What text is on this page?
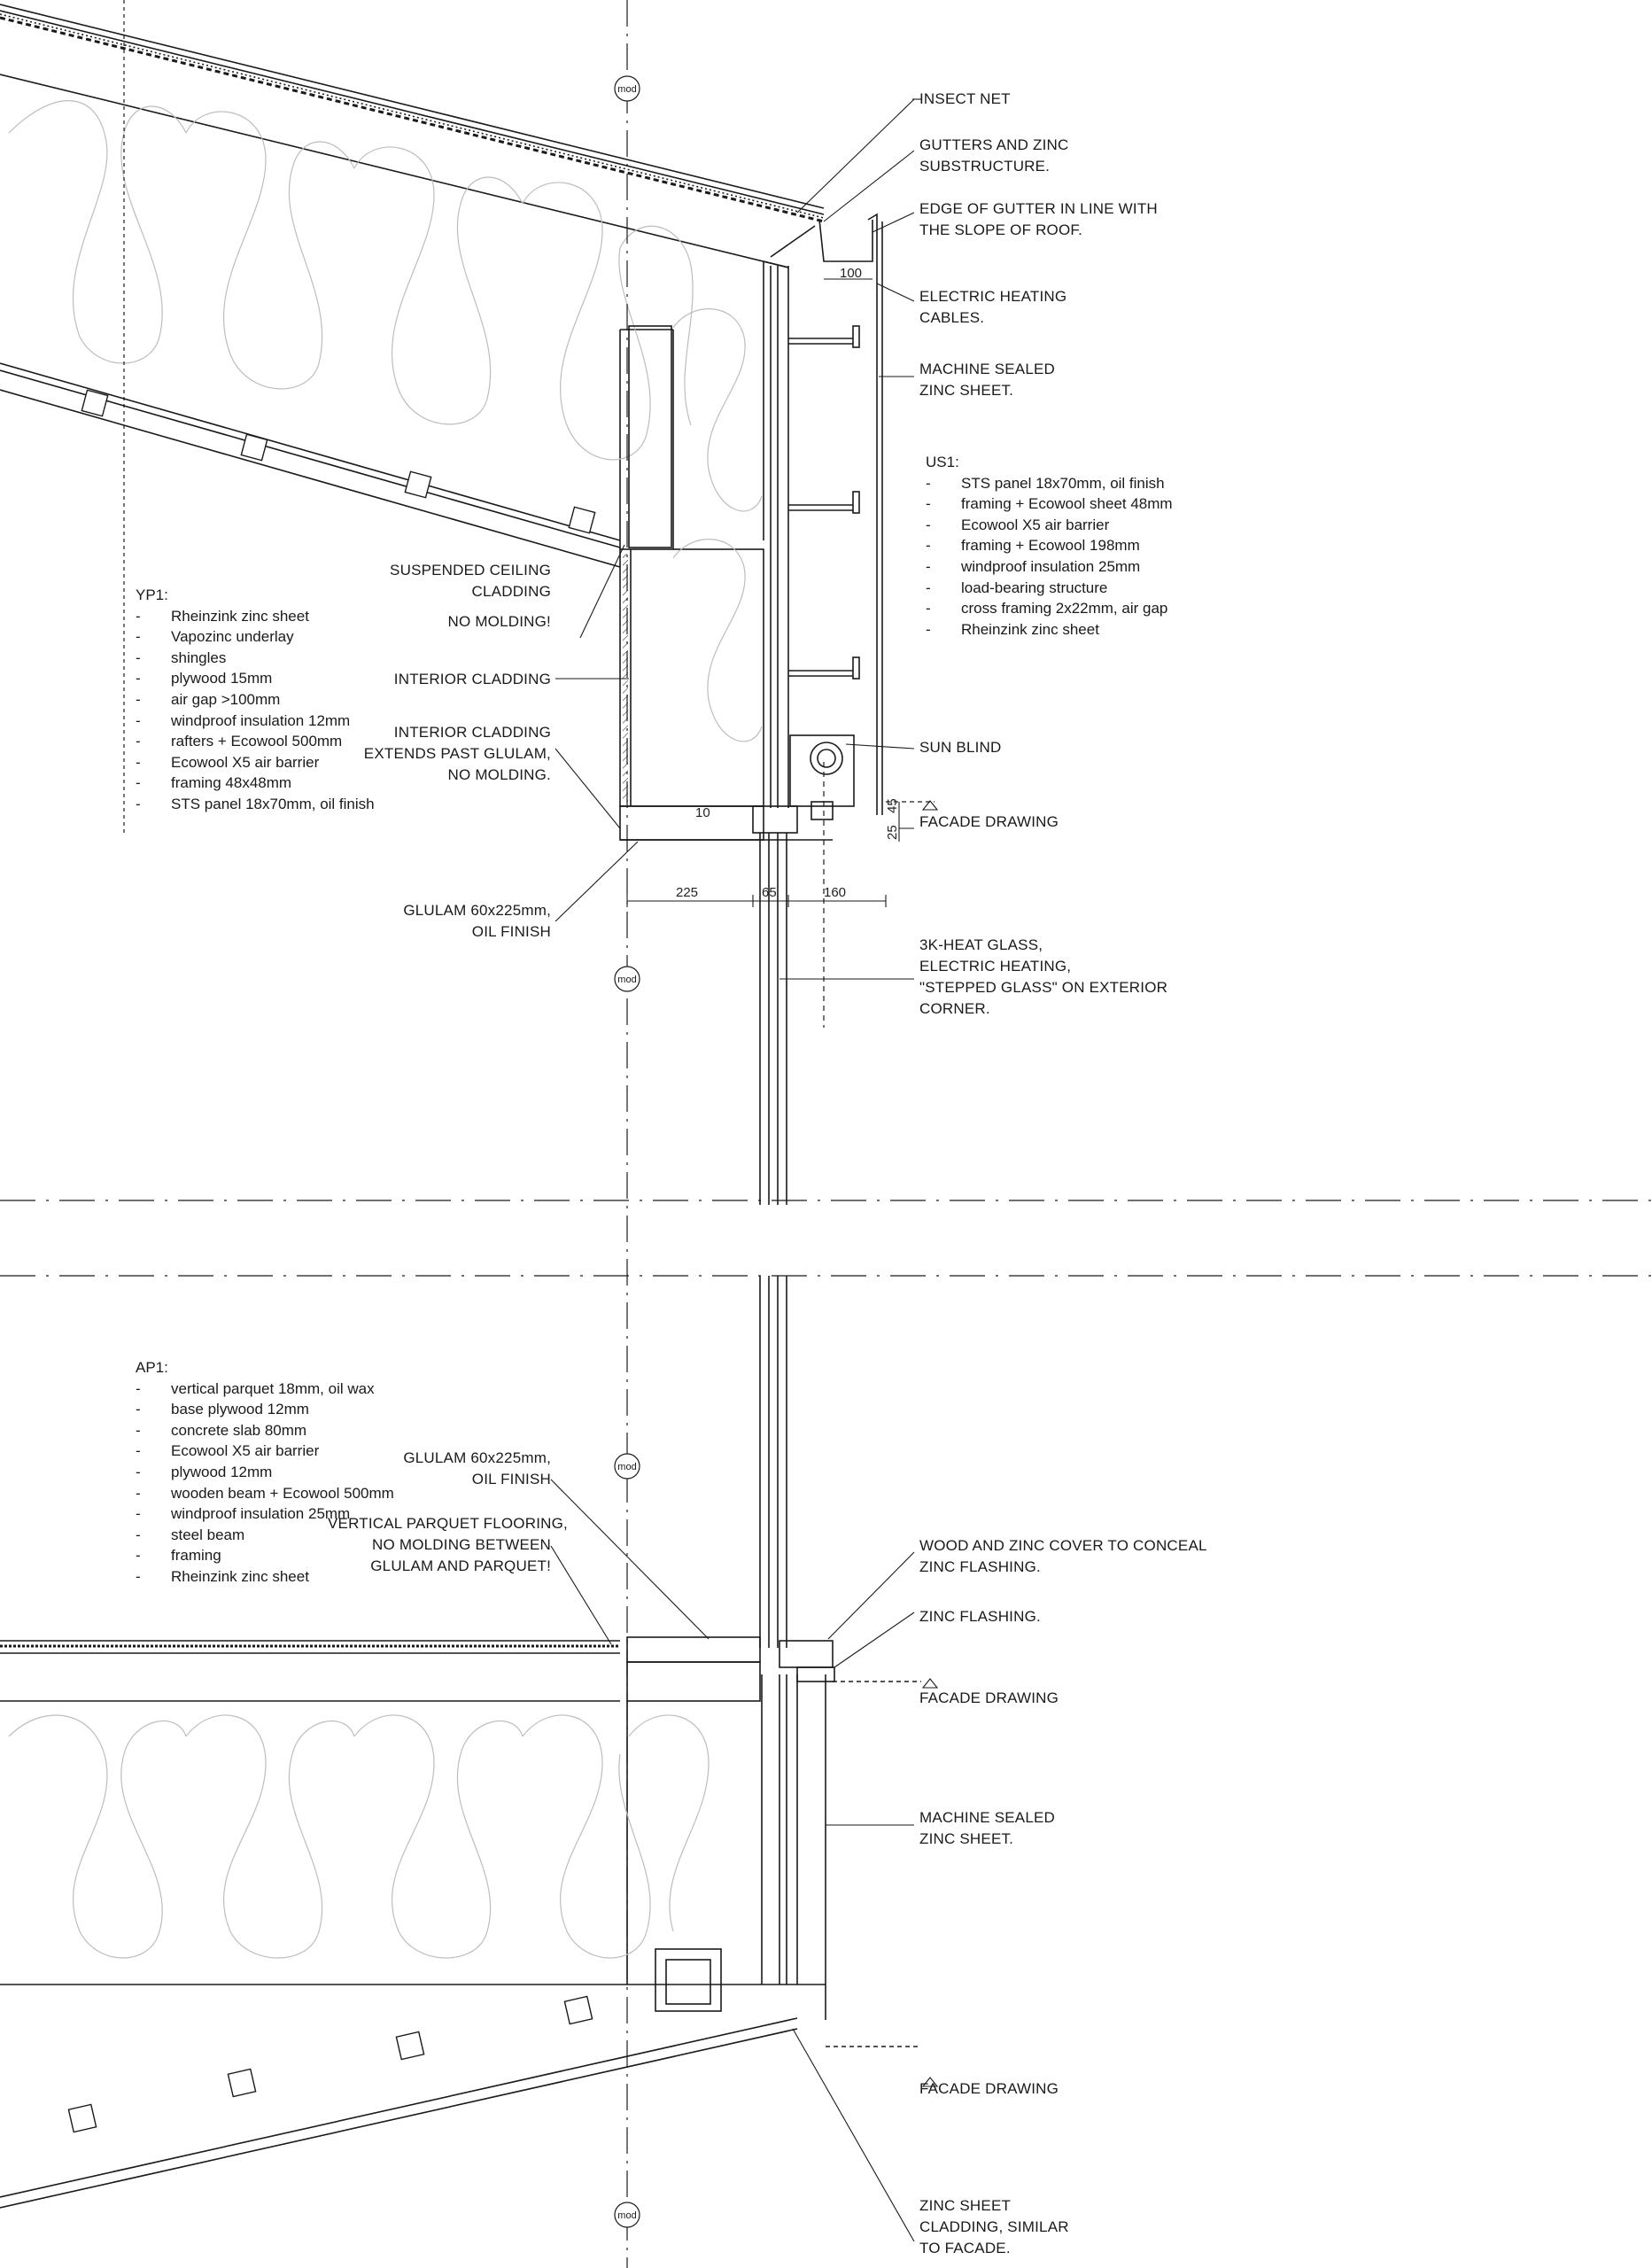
mod
mod
mod
mod
100
10
25
45
225	65	160
INSECT NET
GUTTERS AND ZINC
SUBSTRUCTURE.
EDGE OF GUTTER IN LINE WITH
THE SLOPE OF ROOF.
ELECTRIC HEATING
CABLES.
MACHINE SEALED
ZINC SHEET.
US1:
- STS panel 18x70mm, oil finish
- framing + Ecowool sheet 48mm
- Ecowool X5 air barrier
- framing + Ecowool 198mm
- windproof insulation 25mm
- load-bearing structure
- cross framing 2x22mm, air gap
- Rheinzink zinc sheet
SUN BLIND
FACADE DRAWING
3K-HEAT GLASS,
ELECTRIC HEATING,
"STEPPED GLASS" ON EXTERIOR
CORNER.
SUSPENDED CEILING
CLADDING
NO MOLDING!
INTERIOR CLADDING
INTERIOR CLADDING
EXTENDS PAST GLULAM,
NO MOLDING.
GLULAM 60x225mm,
OIL FINISH
YP1:
- Rheinzink zinc sheet
- Vapozinc underlay
- shingles
- plywood 15mm
- air gap >100mm
- windproof insulation 12mm
- rafters + Ecowool 500mm
- Ecowool X5 air barrier
- framing 48x48mm
- STS panel 18x70mm, oil finish
AP1:
- vertical parquet 18mm, oil wax
- base plywood 12mm
- concrete slab 80mm
- Ecowool X5 air barrier
- plywood 12mm
- wooden beam + Ecowool 500mm
- windproof insulation 25mm
- steel beam
- framing
- Rheinzink zinc sheet
GLULAM 60x225mm,
OIL FINISH
VERTICAL PARQUET FLOORING,
NO MOLDING BETWEEN
GLULAM AND PARQUET!
WOOD AND ZINC COVER TO CONCEAL
ZINC FLASHING.
ZINC FLASHING.
FACADE DRAWING
MACHINE SEALED
ZINC SHEET.
FACADE DRAWING
ZINC SHEET
CLADDING, SIMILAR
TO FACADE.
